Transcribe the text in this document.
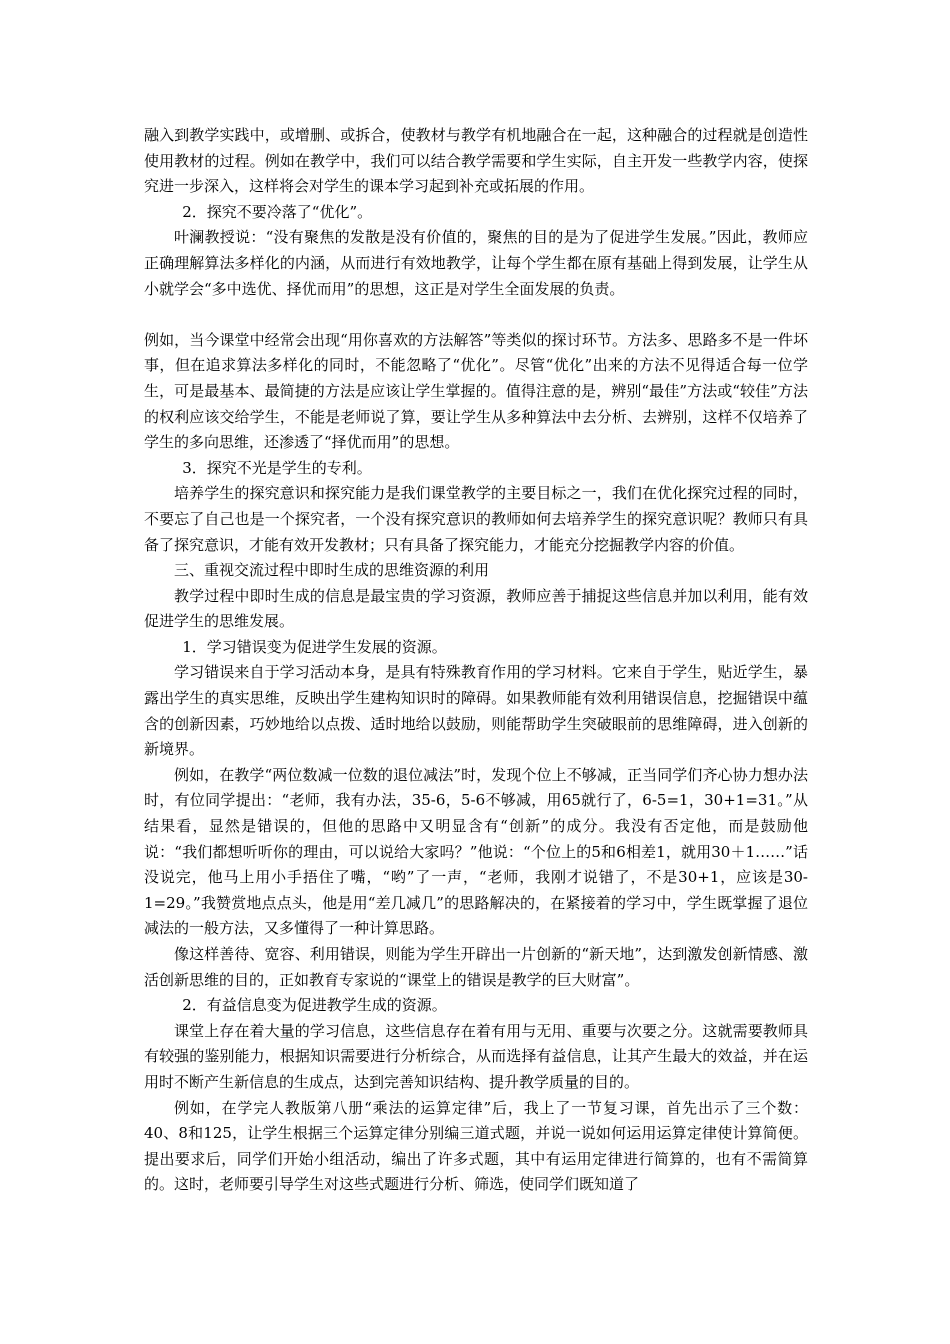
融入到教学实践中，或增删、或拆合，使教材与教学有机地融合在一起，这种融合的过程就是创造性使用教材的过程。例如在教学中，我们可以结合教学需要和学生实际，自主开发一些教学内容，使探究进一步深入，这样将会对学生的课本学习起到补充或拓展的作用。

2．探究不要冷落了“优化”。

叶澜教授说：“没有聚焦的发散是没有价值的，聚焦的目的是为了促进学生发展。”因此，教师应正确理解算法多样化的内涵，从而进行有效地教学，让每个学生都在原有基础上得到发展，让学生从小就学会“多中选优、择优而用”的思想，这正是对学生全面发展的负责。

例如，当今课堂中经常会出现“用你喜欢的方法解答”等类似的探讨环节。方法多、思路多不是一件坏事，但在追求算法多样化的同时，不能忽略了“优化”。尽管“优化”出来的方法不见得适合每一位学生，可是最基本、最简捷的方法是应该让学生掌握的。值得注意的是，辨别“最佳”方法或“较佳”方法的权利应该交给学生，不能是老师说了算，要让学生从多种算法中去分析、去辨别，这样不仅培养了学生的多向思维，还渗透了“择优而用”的思想。

3．探究不光是学生的专利。

培养学生的探究意识和探究能力是我们课堂教学的主要目标之一，我们在优化探究过程的同时，不要忘了自己也是一个探究者，一个没有探究意识的教师如何去培养学生的探究意识呢？教师只有具备了探究意识，才能有效开发教材；只有具备了探究能力，才能充分挖掘教学内容的价值。

三、重视交流过程中即时生成的思维资源的利用

教学过程中即时生成的信息是最宝贵的学习资源，教师应善于捕捉这些信息并加以利用，能有效促进学生的思维发展。

1．学习错误变为促进学生发展的资源。

学习错误来自于学习活动本身，是具有特殊教育作用的学习材料。它来自于学生，贴近学生，暴露出学生的真实思维，反映出学生建构知识时的障碍。如果教师能有效利用错误信息，挖掘错误中蕴含的创新因素，巧妙地给以点拨、适时地给以鼓励，则能帮助学生突破眼前的思维障碍，进入创新的新境界。

例如，在教学“两位数减一位数的退位减法”时，发现个位上不够减，正当同学们齐心协力想办法时，有位同学提出：“老师，我有办法，35-6，5-6不够减，用65就行了，6-5=1，30+1=31。”从结果看，显然是错误的，但他的思路中又明显含有“创新”的成分。我没有否定他，而是鼓励他说：“我们都想听听你的理由，可以说给大家吗？”他说：“个位上的5和6相差1，就用30＋1……”话没说完，他马上用小手捂住了嘴，“哟”了一声，“老师，我刚才说错了，不是30+1，应该是30-1=29。”我赞赏地点点头，他是用“差几减几”的思路解决的，在紧接着的学习中，学生既掌握了退位减法的一般方法，又多懂得了一种计算思路。

像这样善待、宽容、利用错误，则能为学生开辟出一片创新的“新天地”，达到激发创新情感、激活创新思维的目的，正如教育专家说的“课堂上的错误是教学的巨大财富”。

2．有益信息变为促进教学生成的资源。

课堂上存在着大量的学习信息，这些信息存在着有用与无用、重要与次要之分。这就需要教师具有较强的鉴别能力，根据知识需要进行分析综合，从而选择有益信息，让其产生最大的效益，并在运用时不断产生新信息的生成点，达到完善知识结构、提升教学质量的目的。

例如，在学完人教版第八册“乘法的运算定律”后，我上了一节复习课，首先出示了三个数：40、8和125，让学生根据三个运算定律分别编三道式题，并说一说如何运用运算定律使计算简便。提出要求后，同学们开始小组活动，编出了许多式题，其中有运用定律进行简算的，也有不需简算的。这时，老师要引导学生对这些式题进行分析、筛选，使同学们既知道了
